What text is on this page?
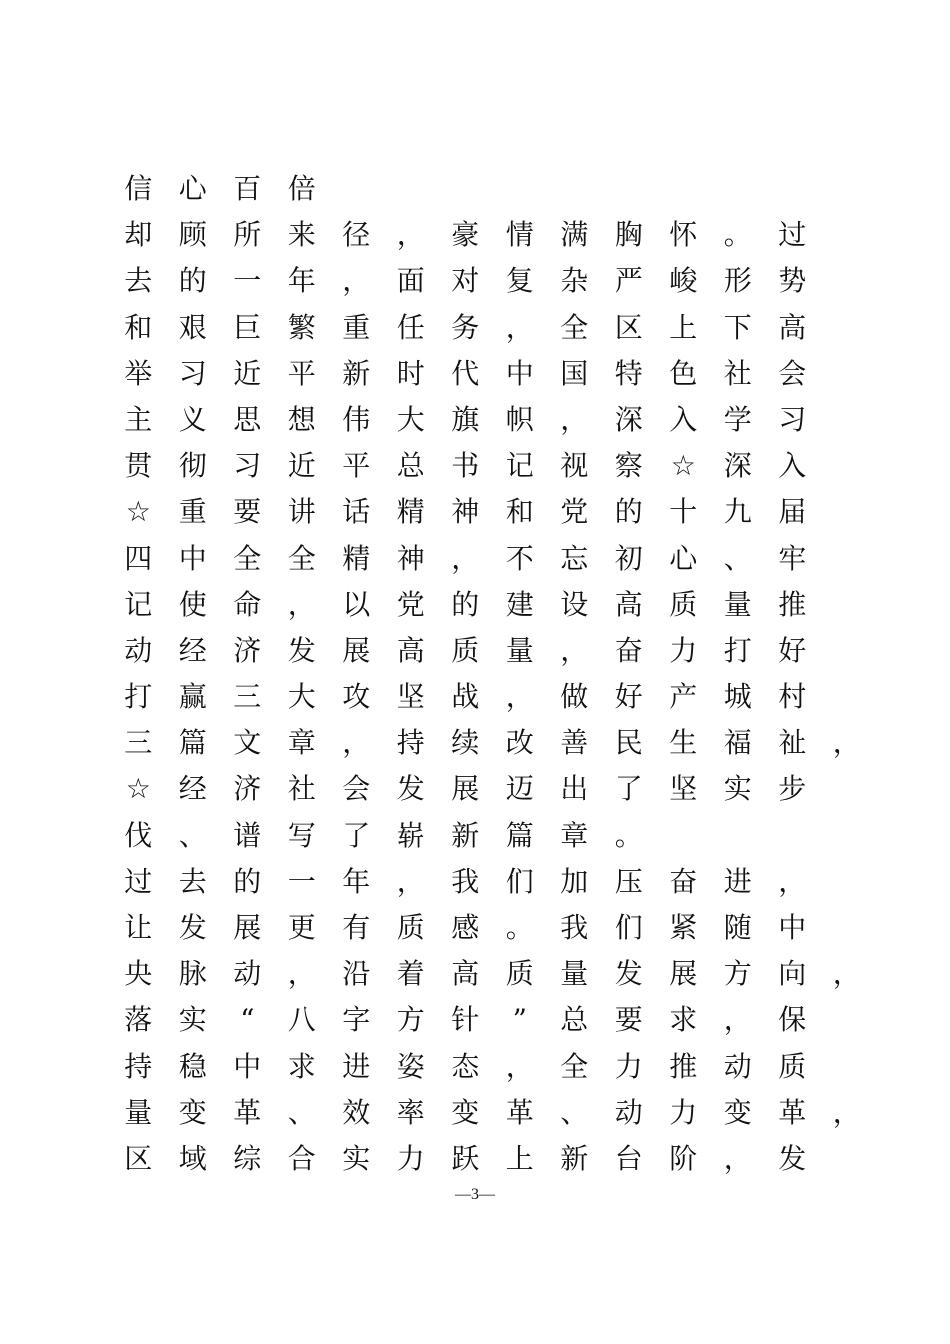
信 心 百 倍
却 顾 所 来 径 ， 豪 情 满 胸 怀 。 过
去 的 一 年 ， 面 对 复 杂 严 峻 形 势
和 艰 巨 繁 重 任 务 ， 全 区 上 下 高
举 习 近 平 新 时 代 中 国 特 色 社 会
主 义 思 想 伟 大 旗 帜 ， 深 入 学 习
贯 彻 习 近 平 总 书 记 视 察 ☆ 深 入
☆ 重 要 讲 话 精 神 和 党 的 十 九 届
四 中 全 全 精 神 ， 不 忘 初 心 、 牢
记 使 命 ， 以 党 的 建 设 高 质 量 推
动 经 济 发 展 高 质 量 ， 奋 力 打 好
打 赢 三 大 攻 坚 战 ， 做 好 产 城 村
三 篇 文 章 ， 持 续 改 善 民 生 福 祉 ，
☆ 经 济 社 会 发 展 迈 出 了 坚 实 步
伐 、 谱 写 了 崭 新 篇 章 。
过 去 的 一 年 ， 我 们 加 压 奋 进 ，
让 发 展 更 有 质 感 。 我 们 紧 随 中
央 脉 动 ， 沿 着 高 质 量 发 展 方 向 ，
落 实 “ 八 字 方 针 ” 总 要 求 ， 保
持 稳 中 求 进 姿 态 ， 全 力 推 动 质
量 变 革 、 效 率 变 革 、 动 力 变 革 ，
区 域 综 合 实 力 跃 上 新 台 阶 ， 发
—3—
